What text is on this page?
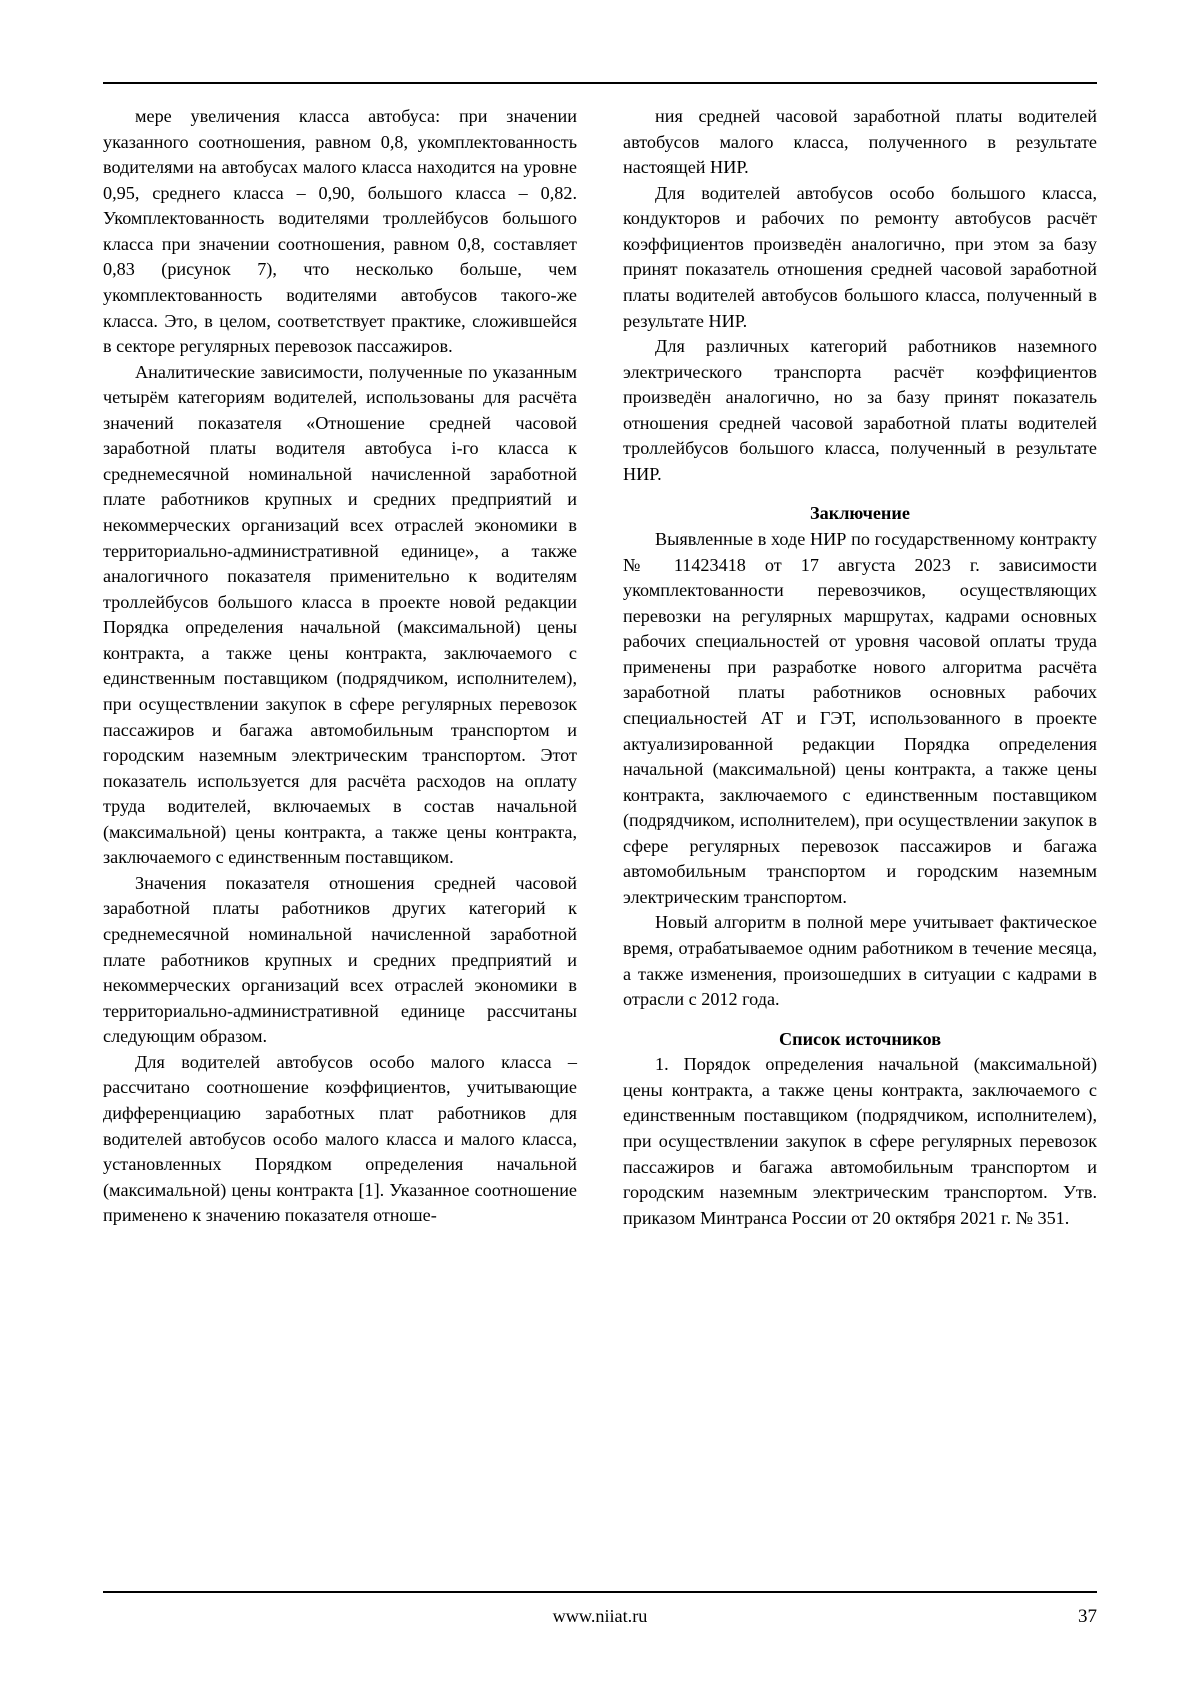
мере увеличения класса автобуса: при значении указанного соотношения, равном 0,8, укомплектованность водителями на автобусах малого класса находится на уровне 0,95, среднего класса – 0,90, большого класса – 0,82. Укомплектованность водителями троллейбусов большого класса при значении соотношения, равном 0,8, составляет 0,83 (рисунок 7), что несколько больше, чем укомплектованность водителями автобусов такого-же класса. Это, в целом, соответствует практике, сложившейся в секторе регулярных перевозок пассажиров.

Аналитические зависимости, полученные по указанным четырём категориям водителей, использованы для расчёта значений показателя «Отношение средней часовой заработной платы водителя автобуса i-го класса к среднемесячной номинальной начисленной заработной плате работников крупных и средних предприятий и некоммерческих организаций всех отраслей экономики в территориально-административной единице», а также аналогичного показателя применительно к водителям троллейбусов большого класса в проекте новой редакции Порядка определения начальной (максимальной) цены контракта, а также цены контракта, заключаемого с единственным поставщиком (подрядчиком, исполнителем), при осуществлении закупок в сфере регулярных перевозок пассажиров и багажа автомобильным транспортом и городским наземным электрическим транспортом. Этот показатель используется для расчёта расходов на оплату труда водителей, включаемых в состав начальной (максимальной) цены контракта, а также цены контракта, заключаемого с единственным поставщиком.

Значения показателя отношения средней часовой заработной платы работников других категорий к среднемесячной номинальной начисленной заработной плате работников крупных и средних предприятий и некоммерческих организаций всех отраслей экономики в территориально-административной единице рассчитаны следующим образом.

Для водителей автобусов особо малого класса – рассчитано соотношение коэффициентов, учитывающие дифференциацию заработных плат работников для водителей автобусов особо малого класса и малого класса, установленных Порядком определения начальной (максимальной) цены контракта [1]. Указанное соотношение применено к значению показателя отноше-

ния средней часовой заработной платы водителей автобусов малого класса, полученного в результате настоящей НИР.

Для водителей автобусов особо большого класса, кондукторов и рабочих по ремонту автобусов расчёт коэффициентов произведён аналогично, при этом за базу принят показатель отношения средней часовой заработной платы водителей автобусов большого класса, полученный в результате НИР.

Для различных категорий работников наземного электрического транспорта расчёт коэффициентов произведён аналогично, но за базу принят показатель отношения средней часовой заработной платы водителей троллейбусов большого класса, полученный в результате НИР.

Заключение

Выявленные в ходе НИР по государственному контракту № 11423418 от 17 августа 2023 г. зависимости укомплектованности перевозчиков, осуществляющих перевозки на регулярных маршрутах, кадрами основных рабочих специальностей от уровня часовой оплаты труда применены при разработке нового алгоритма расчёта заработной платы работников основных рабочих специальностей АТ и ГЭТ, использованного в проекте актуализированной редакции Порядка определения начальной (максимальной) цены контракта, а также цены контракта, заключаемого с единственным поставщиком (подрядчиком, исполнителем), при осуществлении закупок в сфере регулярных перевозок пассажиров и багажа автомобильным транспортом и городским наземным электрическим транспортом.

Новый алгоритм в полной мере учитывает фактическое время, отрабатываемое одним работником в течение месяца, а также изменения, произошедших в ситуации с кадрами в отрасли с 2012 года.

Список источников

1. Порядок определения начальной (максимальной) цены контракта, а также цены контракта, заключаемого с единственным поставщиком (подрядчиком, исполнителем), при осуществлении закупок в сфере регулярных перевозок пассажиров и багажа автомобильным транспортом и городским наземным электрическим транспортом. Утв. приказом Минтранса России от 20 октября 2021 г. № 351.

www.niiat.ru	37
